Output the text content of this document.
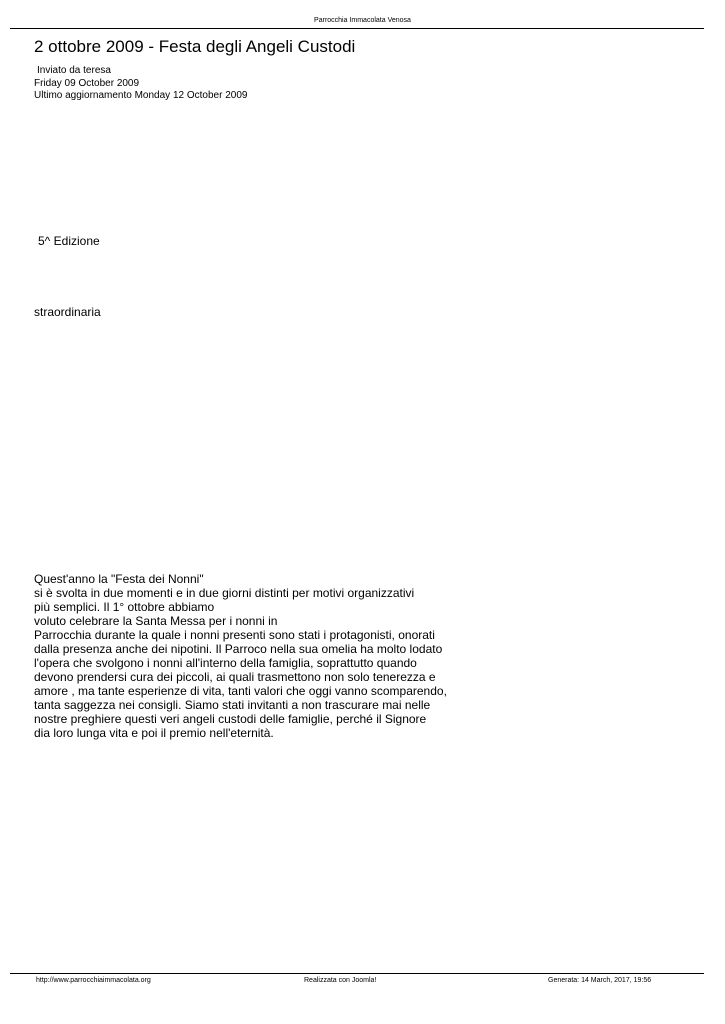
Parrocchia Immacolata Venosa
2 ottobre 2009 - Festa degli Angeli Custodi
Inviato da teresa
Friday 09 October 2009
Ultimo aggiornamento Monday 12 October 2009
5^ Edizione
straordinaria
Quest'anno la "Festa dei Nonni"
si è svolta in due momenti e in due giorni distinti per motivi organizzativi
più semplici. Il 1° ottobre abbiamo
voluto celebrare la Santa Messa per i nonni in
Parrocchia durante la quale i nonni presenti sono stati i protagonisti, onorati
dalla presenza anche dei nipotini. Il Parroco nella sua omelia ha molto lodato
l'opera che svolgono i nonni all'interno della famiglia, soprattutto quando
devono prendersi cura dei piccoli, ai quali trasmettono non solo tenerezza e
amore , ma tante esperienze di vita, tanti valori che oggi vanno scomparendo,
tanta saggezza nei consigli. Siamo stati invitanti a non trascurare mai nelle
nostre preghiere questi veri angeli custodi delle famiglie, perché il Signore
dia loro lunga vita e poi il premio nell'eternità.
http://www.parrocchiaimmacolata.org	Realizzata con Joomla!	Generata: 14 March, 2017, 19:56
